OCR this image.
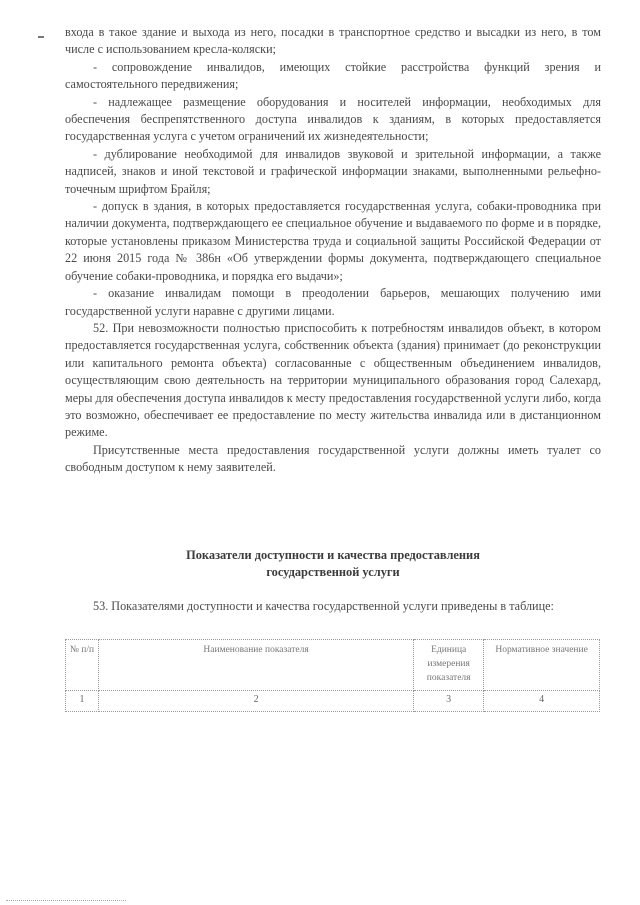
входа в такое здание и выхода из него, посадки в транспортное средство и высадки из него, в том числе с использованием кресла-коляски;

- сопровождение инвалидов, имеющих стойкие расстройства функций зрения и самостоятельного передвижения;

- надлежащее размещение оборудования и носителей информации, необходимых для обеспечения беспрепятственного доступа инвалидов к зданиям, в которых предоставляется государственная услуга с учетом ограничений их жизнедеятельности;

- дублирование необходимой для инвалидов звуковой и зрительной информации, а также надписей, знаков и иной текстовой и графической информации знаками, выполненными рельефно-точечным шрифтом Брайля;

- допуск в здания, в которых предоставляется государственная услуга, собаки-проводника при наличии документа, подтверждающего ее специальное обучение и выдаваемого по форме и в порядке, которые установлены приказом Министерства труда и социальной защиты Российской Федерации от 22 июня 2015 года № 386н «Об утверждении формы документа, подтверждающего специальное обучение собаки-проводника, и порядка его выдачи»;

- оказание инвалидам помощи в преодолении барьеров, мешающих получению ими государственной услуги наравне с другими лицами.

52. При невозможности полностью приспособить к потребностям инвалидов объект, в котором предоставляется государственная услуга, собственник объекта (здания) принимает (до реконструкции или капитального ремонта объекта) согласованные с общественным объединением инвалидов, осуществляющим свою деятельность на территории муниципального образования город Салехард, меры для обеспечения доступа инвалидов к месту предоставления государственной услуги либо, когда это возможно, обеспечивает ее предоставление по месту жительства инвалида или в дистанционном режиме.

Присутственные места предоставления государственной услуги должны иметь туалет со свободным доступом к нему заявителей.

Показатели доступности и качества предоставления
государственной услуги

53. Показателями доступности и качества государственной услуги приведены в таблице:

№ п/п	Наименование показателя	Единица измерения показателя	Нормативное значение
1	2	3	4
